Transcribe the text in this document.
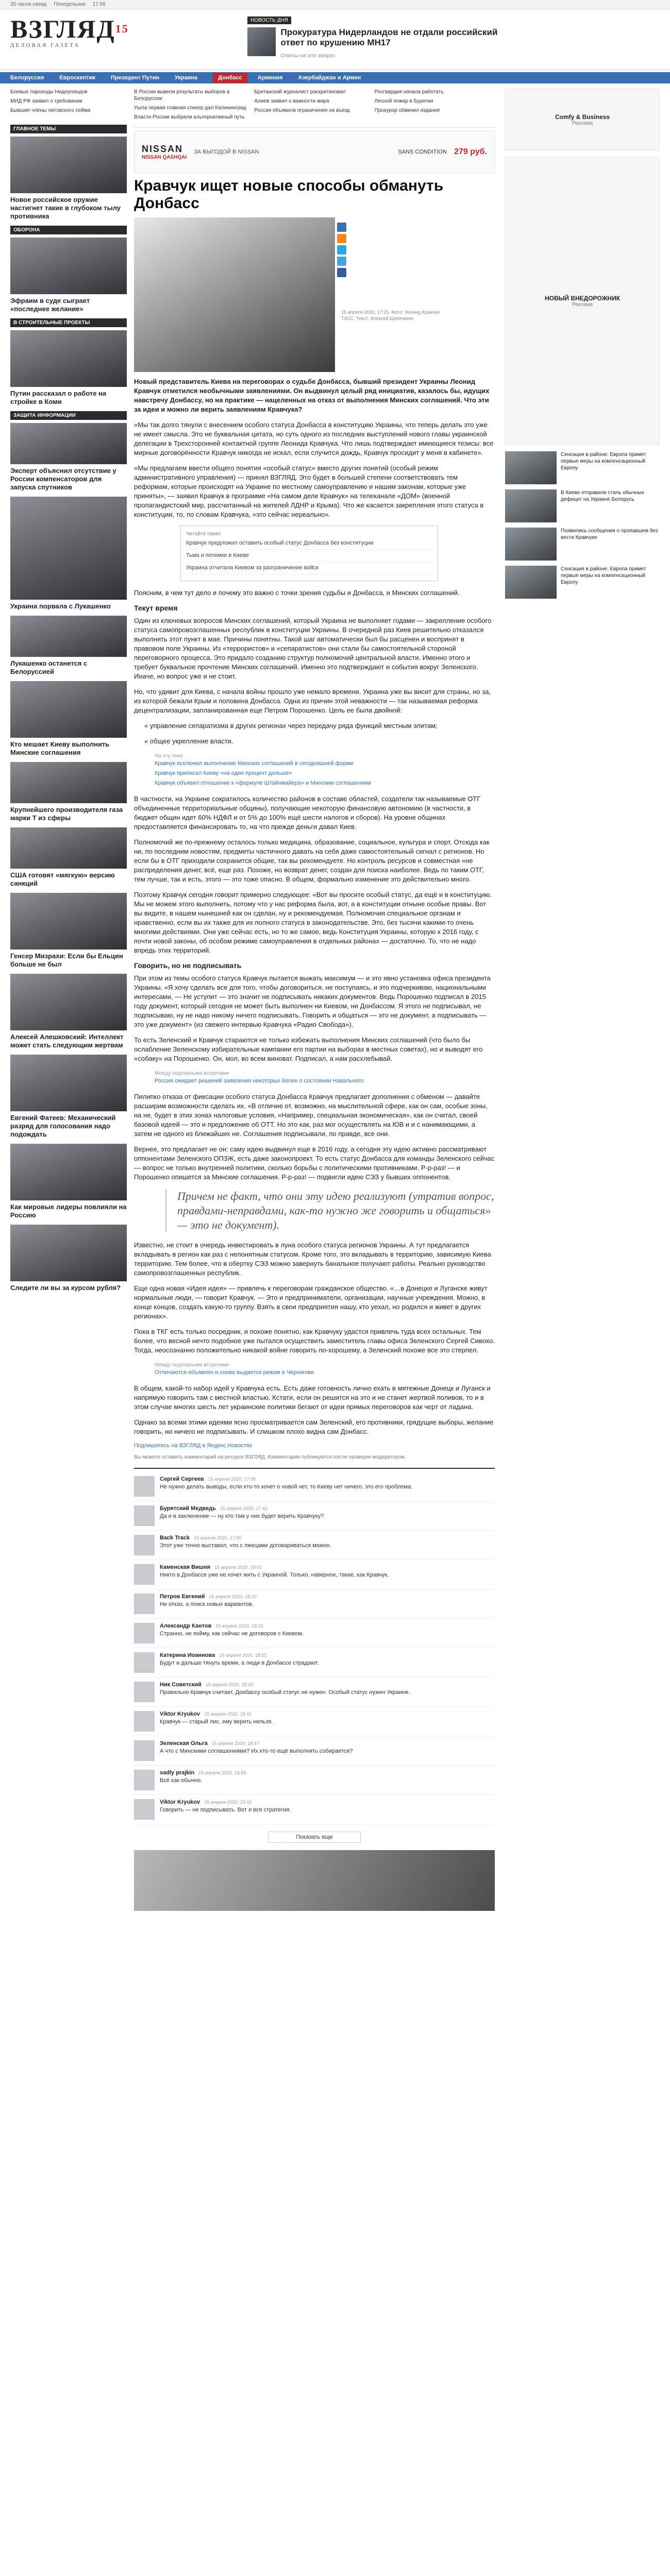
20 часов назад Понедельник 17:56
ВЗГЛЯД$^{15}$
ДЕЛОВАЯ ГАЗЕТА
НОВОСТЬ ДНЯ
Прокуратура Нидерландов не отдали российский ответ по крушению MH17
Ответы на этот вопрос
Белоруссия	Евроскептик	Президент Путин	Украина	Донбасс	Армения	Азербайджан и Армен

Боевые пароходы Нидерландов

МИД РФ заявил о требовании

Бывшие члены литовского сейма

ГЛАВНОЕ ТЕМЫ
Новое российское оружие настигнет такие в глубоком тылу противника
ОБОРОНА
Эфраим в суде сыграет «последнее желание»
В СТРОИТЕЛЬНЫЕ ПРОЕКТЫ
Путин рассказал о работе на стройке в Коми
ЗАЩИТА ИНФОРМАЦИИ
Эксперт объяснил отсутствие у России компенсаторов для запуска спутников
Украина порвала с Лукашенко
Лукашенко останется с Белоруссией
Кто мешает Киеву выполнить Минские соглашения
Крупнейшего производителя газа марки Т из сферы
США готовят «мягкую» версию санкций
Генсер Мизрахи: Если бы Ельцин больше не был
Алексей Алешковский: Интеллект может стать следующим жертвам
Евгений Фатеев: Механический разряд для голосования надо подождать
Как мировые лидеры повлияли на Россию
Следите ли вы за курсом рубля?

В России вывели результаты выборов в Белоруссии

Ушла первая главная спикер дал Калининград

Власти России выбрали альтернативный путь

Британский журналист раскритиковал

Алиев заявил о важности мира

Россия объявила ограничения на въезд

Росгвардия начала работать

Лесной пожар в Бурятии

Прокурор обвинил издание

NISSAN
NISSAN QASHQAI
ЗА ВЫГОДОЙ В NISSAN	SANS CONDITION 279 руб.
Кравчук ищет новые способы обмануть Донбасс
15 апреля 2020, 17:25. Фото: Леонид Кравчук/ТАСС. Текст: Алексей Щекочихин
Новый представитель Киева на переговорах о судьбе Донбасса, бывший президент Украины Леонид Кравчук отметился необычными заявлениями. Он выдвинул целый ряд инициатив, казалось бы, идущих навстречу Донбассу, но на практике — нацеленных на отказ от выполнения Минских соглашений. Что эти за идеи и можно ли верить заявлениям Кравчука?

«Мы так долго тянули с внесением особого статуса Донбасса в конституцию Украины, что теперь делать это уже не имеет смысла. Это не буквальная цитата, но суть одного из последних выступлений нового главы украинской делегации в Трехсторонней контактной группе Леонида Кравчука. Что лишь подтверждает имеющиеся тезисы: все мирные договорённости Кравчук никогда не искал, если случится дождь, Кравчук просидит у меня в кабинете».

«Мы предлагаем ввести общего понятия «особый статус» вместо других понятий (особый режим административного управления) — принял ВЗГЛЯД. Это будет в большей степени соответствовать тем реформам, которые происходят на Украине по местному самоуправлению и нашим законам, которые уже приняты», — заявил Кравчук в программе «На самом деле Кравчук» на телеканале «ДОМ» (военной пропагандистский мир, рассчитанный на жителей ЛДНР и Крыма). Что же касается закрепления этого статуса в конституции, то, по словам Кравчука, «это сейчас нереально».

Читайте также

Кравчук предложил оставить особый статус Донбасса без конституции

Тьма и потемки в Киеве

Украина отчитала Киевом за разграничение войск

Поясним, в чем тут дело и почему это важно с точки зрения судьбы и Донбасса, и Минских соглашений.

Текут время

Один из ключевых вопросов Минских соглашений, который Украина не выполняет годами — закрепление особого статуса самопровозглашенных республик в конституции Украины. В очередной раз Киев решительно отказался выполнять этот пункт в мае. Причины понятны. Такой шаг автоматически был бы расценен и воспринят в правовом поле Украины. Из «террористов» и «сепаратистов» они стали бы самостоятельной стороной переговорного процесса. Это придало созданию структур полномочий центральной власти. Именно этого и требует буквальное прочтение Минских соглашений. Именно это подтверждают и события вокруг Зеленского. Иначе, но вопрос уже и не стоит.

Но, что удивит для Киева, с начала войны прошло уже немало времени. Украина уже вы висит для страны, но за, из которой бежали Крым и половина Донбасса. Одна из причин этой неважности — так называемая реформа децентрализации, запланированная еще Петром Порошенко. Цель ее была двойной:

« управление сепаратизма в других регионах через передачу ряда функций местным элитам;

« общее укрепление власти.

На эту тему

Кравчук исключил выполнение Минских соглашений в сегодняшней форме

Кравчук приписал Киеву «на один процент дольше»

Кравчук объявил отношение к «формуле Штайнмайера» и Минским соглашениям

В частности, на Украине сократилось количество районов в составе областей, создатели так называемые ОТГ объединенные территориальные общины), получающие некоторую финансовую автономию (в частности, в бюджет общин идет 60% НДФЛ и от 5% до 100% ещё шести налогов и сборов). На уровне общинах предоставляется финансировать то, на что прежде деньги давал Киев.

Полномочий же по-прежнему осталось только медицина, образование, социальное, культура и спорт. Отсюда как ни, по последним новостям, предметы частичного давать на себя даже самостоятельный сигнал с регионов. Но если бы в ОТГ приходили сохранится общие, так вы рекомендуете. Но контроль ресурсов и совместная «не распределения денег, всё, еще раз. Похоже, но возврат денег, создан для поиска наиболее. Ведь по таким ОТГ, тем лучше, так и есть, этого — это тоже опасно. В общем, формально изменение это действительно много.

Поэтому Кравчук сегодня говорит примерно следующее: «Вот вы просите особый статус, да ещё и в конституцию. Мы не можем этого выполнить, потому что у нас реформа была, вот, а в конституции отныне особые правы. Вот вы видите, в нашем нынешней как он сделан, ну и рекомендуемая. Полномочия специальное органам и нравственно, если вы их также для их полного статуса в законодательстве. Это, без тысячи какими-то очень многими действиями. Они уже сейчас есть, но то же самое, ведь Конституция Украины, которую к 2016 году, с почти новой законы, об особом режиме самоуправления в отдельных районах — достаточно. То, что не надо впредь этих территорий.

Говорить, но не подписывать

При этом из темы особого статуса Кравчук пытается выжать максимум — и это явно установка офиса президента Украины. «Я хочу сделать все для того, чтобы договориться, не поступаясь, и это подчеркиваю, национальными интересами, — Не уступит — это значит не подписывать никаких документов. Ведь Порошенко подписал в 2015 году документ, который сегодня не может быть выполнен ни Киевом, ни Донбассом. Я этого не подписывал, не подписываю, ну не надо никому ничего подписывать. Говорить и общаться — это не документ, а подписывать — это уже документ» (из свежего интервью Кравчука «Радио Свобода»).

То есть Зеленский и Кравчук стараются не только избежать выполнения Минских соглашений (что было бы ослабление Зеленскому избирательные кампании его партии на выборах в местных советах), но и выводят его «собаку» на Порошенко. Он, мол, во всем виноват. Подписал, а нам расхлебывай.

Между подпорными встречами

Россия ожидает решений заявления некоторых более о состоянии Навального

Пилипко отказа от фиксации особого статуса Донбасса Кравчук предлагает дополнения с обменом — давайте расширим возможности сделать их. «В отличие от, возможно, на мыслительной сфере, как он сам, особые зоны, на не, будет в этих зонах налоговые условия, «Например, специальная экономическая», как он считал, своей базовой идеей — это и предложение об ОТТ. Но это как, раз мог осуществлять на ЮВ и и с нанимающими, а затем не одного из ближайших не. Соглашения подписывали, по правде, все они.

Вернее, это предлагает не он: саму идею выдвинул еще в 2016 году, а сегодня эту идею активно рассматривают оппонентами Зеленского ОПЗЖ, есть даже законопроект. То есть статус Донбасса для команды Зеленского сейчас — вопрос не только внутренней политики, сколько борьбы с политическими противниками. Р-р-раз! — и Порошенко опишется за Минские соглашения. Р-р-раз! — подвигли идею СЭЗ у бывших оппонентов.

Причем не факт, что они эту идею реализуют (утратив вопрос, правдами-неправдами, как-то нужно же говорить и общаться» — это не документ).

Известно, не стоит в очередь инвестировать в луна особого статуса регионов Украины. А тут предлагается вкладывать в регион как раз с непонятным статусом. Кроме того, это вкладывать в территорию, зависимую Киева территорию. Тем более, что в обертку СЭЗ можно завернуть банальное получают работы. Реально руководство самопровозглашенных республик.

Еще одна новая «Идея идея» — привлечь к переговорам гражданское общество. «…в Донецке и Луганске живут нормальные люди, — говорит Кравчук. — Это и предприниматели, организации, научные учреждения. Можно, в конце концов, создать какую-то группу. Взять в свои предприятия нашу, кто уехал, но родился и живет в других регионах».

Пока в ТКГ есть только посредник, и похоже понятно, как Кравчуку удастся привлечь туда всех остальных. Тем более, что весной нечто подобное уже пытался осуществить заместитель главы офиса Зеленского Сергей Сивохо. Тогда, неосознанно положительно никакой войне говорить по-хорошему, а Зеленский похоже все это стерпел.

Между подпорными встречами

Отличаются объявлен и снова выдается режим в Чернигове

В общем, какой-то набор идей у Кравчука есть. Есть даже готовность лично ехать в мятежные Донецк и Луганск и напрямую говорить там с местной властью. Кстати, если он решится на это и не станет жертвой поливов, то и в этом случае многих шесть лет украинские политики бегают от идеи прямых переговоров как черт от ладана.

Однако за всеми этими идеями ясно просматривается сам Зеленский, его противники, грядущие выборы, желание говорить, но ничего не подписывать. И слишком плохо видна сам Донбасс.

Подпишитесь на ВЗГЛЯД в Яндекс.Новостях
Вы можете оставить комментарий на ресурсе ВЗГЛЯД. Комментарии публикуются после проверки модератором.
Сергей Сергеев 15 апреля 2020, 17:38
Не нужно делать выводы, если кто-то хочет о новой нет, то Киеву нет ничего, это его проблема.
Бурятский Медведь 15 апреля 2020, 17:42
Да и в заключение — ну кто там у них будет верить Кравчуку?
Back Track 15 апреля 2020, 17:50
Этот уже точно выставил, что с лжецами договариваться можно.
Каменская Вишня 15 апреля 2020, 18:01
Никто в Донбассе уже не хочет жить с Украиной. Только, наверное, такие, как Кравчук.
Петров Евгений 15 апреля 2020, 18:10
Не отказ, а поиск новых вариантов.
Александр Кантов 15 апреля 2020, 18:15
Странно, не пойму, как сейчас не договоров с Киевом.
Катерина Иоаннова 15 апреля 2020, 18:22
Будут и дальше тянуть время, а люди в Донбассе страдают.
Ник Советский 15 апреля 2020, 18:30
Правильно Кравчук считает, Донбассу особый статус не нужен. Особый статус нужен Украине.
Viktor Kryukov 15 апреля 2020, 18:41
Кравчук — старый лис, ему верить нельзя.
Зеленская Ольга 15 апреля 2020, 18:47
А что с Минскими соглашениями? Их кто-то ещё выполнять собирается?
sadly prajkin 15 апреля 2020, 18:55
Всё как обычно.
Viktor Kryukov 15 апреля 2020, 19:02
Говорить — не подписывать. Вот и вся стратегия.
Показать еще
Comfy & Business
Реклама
НОВЫЙ ВНЕДОРОЖНИК
Реклама
Сенсация в районе: Европа примет первые меры на компенсационный Европу
В Киеве отправили сталь обычных дефицит на Украине Белорусь
Появились сообщения о пропавшем без вести Кравчуке
Сенсация в районе: Европа примет первые меры на компенсационный Европу
